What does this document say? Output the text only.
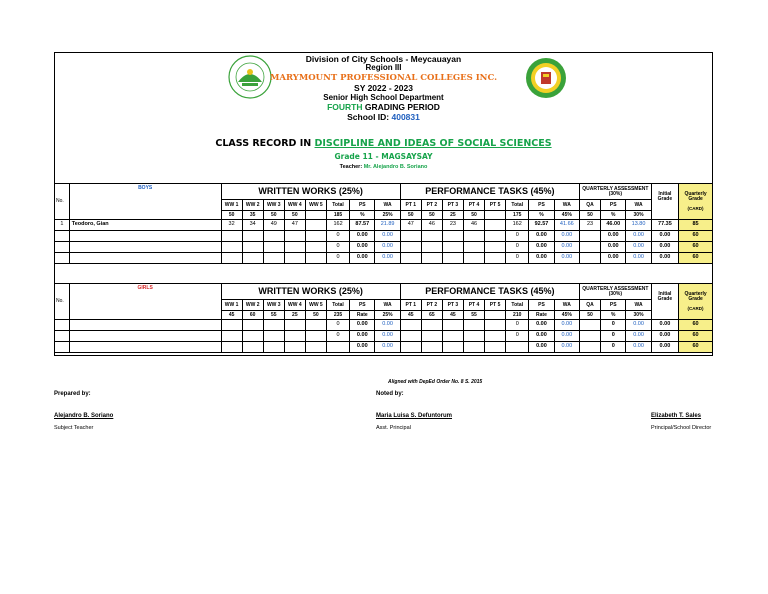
Division of City Schools - Meycauayan
Region III
MARYMOUNT PROFESSIONAL COLLEGES INC.
SY 2022 - 2023
Senior High School Department
FOURTH GRADING PERIOD
School ID: 400831
CLASS RECORD IN DISCIPLINE AND IDEAS OF SOCIAL SCIENCES
Grade 11 - MAGSAYSAY
Teacher: Mr. Alejandro B. Soriano
No.	BOYS	WRITTEN WORKS (25%)								PERFORMANCE TASKS (45%)								QUARTERLY ASSESSMENT (30%)			Initial Grade	Quarterly Grade
(CARD)

		WW 1	WW 2	WW 3	WW 4	WW 5	Total	PS	WA	PT 1	PT 2	PT 3	PT 4	PT 5	Total	PS	WA	QA	PS	WA		
		50	35	50	50		185	%	25%	50	50	25	50		175	%	45%	50	%	30%		
1	Teodoro, Gian	32	34	49	47		162	87.57	21.89	47	46	23	46		162	92.57	41.66	23	46.00	13.80	77.35	85
							0	0.00	0.00						0	0.00	0.00		0.00	0.00	0.00	60
							0	0.00	0.00						0	0.00	0.00		0.00	0.00	0.00	60
							0	0.00	0.00						0	0.00	0.00		0.00	0.00	0.00	60
No.	GIRLS	WRITTEN WORKS (25%)								PERFORMANCE TASKS (45%)								QUARTERLY ASSESSMENT (30%)			Initial Grade	Quarterly Grade
(CARD)

		WW 1	WW 2	WW 3	WW 4	WW 5	Total	PS	WA	PT 1	PT 2	PT 3	PT 4	PT 5	Total	PS	WA	QA	PS	WA		
		45	60	55	25	50	235	Rate	25%	45	65	45	55		210	Rate	45%	50	%	30%		
							0	0.00	0.00						0	0.00	0.00		0	0.00	0.00	60
							0	0.00	0.00						0	0.00	0.00		0	0.00	0.00	60
								0.00	0.00							0.00	0.00		0	0.00	0.00	60
Aligned with DepEd Order No. 8 S. 2015
Prepared by:	Noted by:
Alejandro B. Soriano
Subject Teacher
Maria Luisa S. Defuntorum
Asst. Principal
Elizabeth T. Sales
Principal/School Director
